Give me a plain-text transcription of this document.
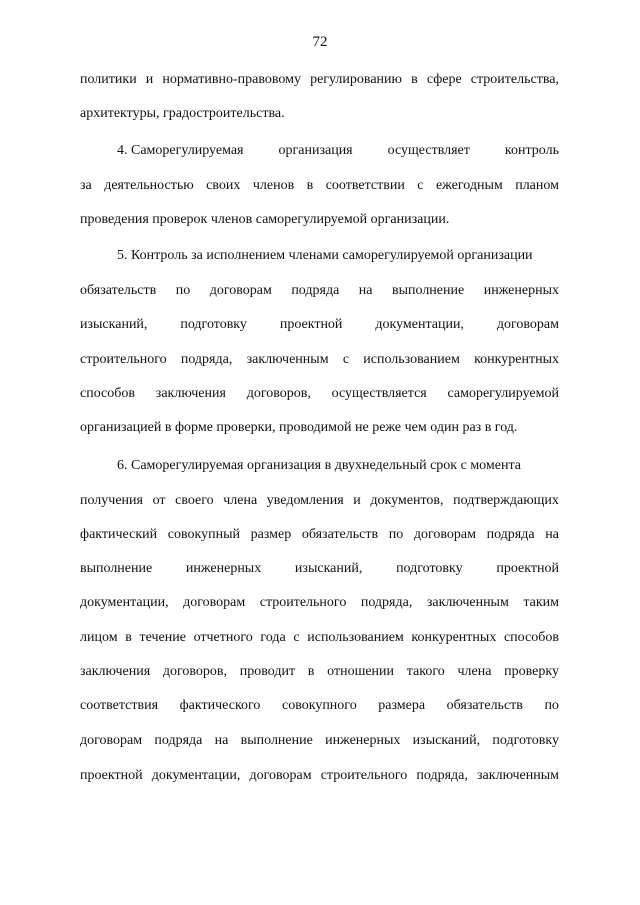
72
политики и нормативно-правовому регулированию в сфере строительства,
архитектуры, градостроительства.
4. Саморегулируемая	организация	осуществляет	контроль
за деятельностью своих членов в соответствии с ежегодным планом
проведения проверок членов саморегулируемой организации.
5. Контроль за исполнением членами саморегулируемой организации
обязательств по договорам подряда на выполнение инженерных
изысканий, подготовку проектной документации, договорам
строительного подряда, заключенным с использованием конкурентных
способов заключения договоров, осуществляется саморегулируемой
организацией в форме проверки, проводимой не реже чем один раз в год.
6. Саморегулируемая организация в двухнедельный срок с момента
получения от своего члена уведомления и документов, подтверждающих
фактический совокупный размер обязательств по договорам подряда на
выполнение инженерных изысканий, подготовку проектной
документации, договорам строительного подряда, заключенным таким
лицом в течение отчетного года с использованием конкурентных способов
заключения договоров, проводит в отношении такого члена проверку
соответствия фактического совокупного размера обязательств по
договорам подряда на выполнение инженерных изысканий, подготовку
проектной документации, договорам строительного подряда, заключенным
